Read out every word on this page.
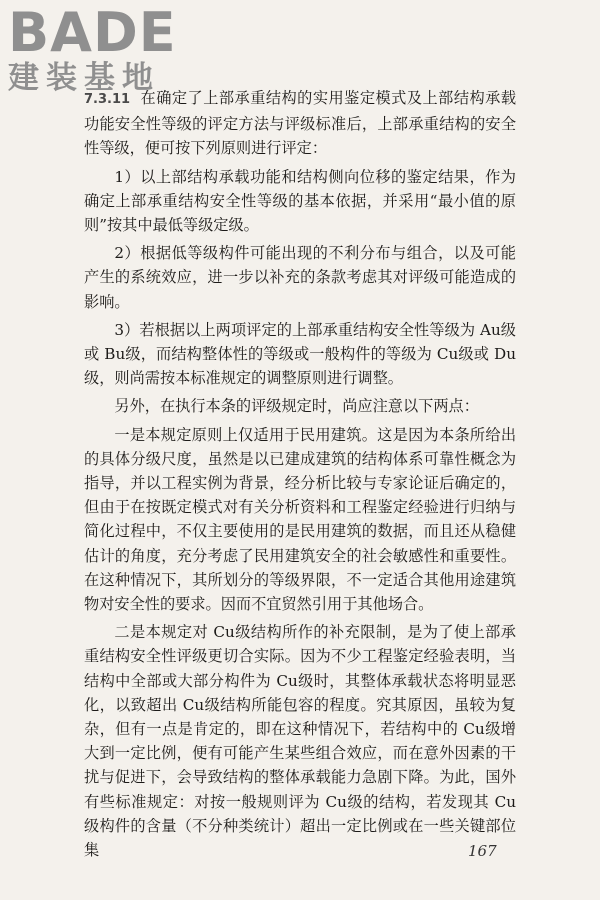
BADE
建装基地

7.3.11 在确定了上部承重结构的实用鉴定模式及上部结构承载功能安全性等级的评定方法与评级标准后，上部承重结构的安全性等级，便可按下列原则进行评定：

1）以上部结构承载功能和结构侧向位移的鉴定结果，作为确定上部承重结构安全性等级的基本依据，并采用“最小值的原则”按其中最低等级定级。

2）根据低等级构件可能出现的不利分布与组合，以及可能产生的系统效应，进一步以补充的条款考虑其对评级可能造成的影响。

3）若根据以上两项评定的上部承重结构安全性等级为 Au级或 Bu级，而结构整体性的等级或一般构件的等级为 Cu级或 Du级，则尚需按本标准规定的调整原则进行调整。

另外，在执行本条的评级规定时，尚应注意以下两点：

一是本规定原则上仅适用于民用建筑。这是因为本条所给出的具体分级尺度，虽然是以已建成建筑的结构体系可靠性概念为指导，并以工程实例为背景，经分析比较与专家论证后确定的，但由于在按既定模式对有关分析资料和工程鉴定经验进行归纳与简化过程中，不仅主要使用的是民用建筑的数据，而且还从稳健估计的角度，充分考虑了民用建筑安全的社会敏感性和重要性。在这种情况下，其所划分的等级界限，不一定适合其他用途建筑物对安全性的要求。因而不宜贸然引用于其他场合。

二是本规定对 Cu级结构所作的补充限制，是为了使上部承重结构安全性评级更切合实际。因为不少工程鉴定经验表明，当结构中全部或大部分构件为 Cu级时，其整体承载状态将明显恶化，以致超出 Cu级结构所能包容的程度。究其原因，虽较为复杂，但有一点是肯定的，即在这种情况下，若结构中的 Cu级增大到一定比例，便有可能产生某些组合效应，而在意外因素的干扰与促进下，会导致结构的整体承载能力急剧下降。为此，国外有些标准规定：对按一般规则评为 Cu级的结构，若发现其 Cu级构件的含量（不分种类统计）超出一定比例或在一些关键部位集	167
